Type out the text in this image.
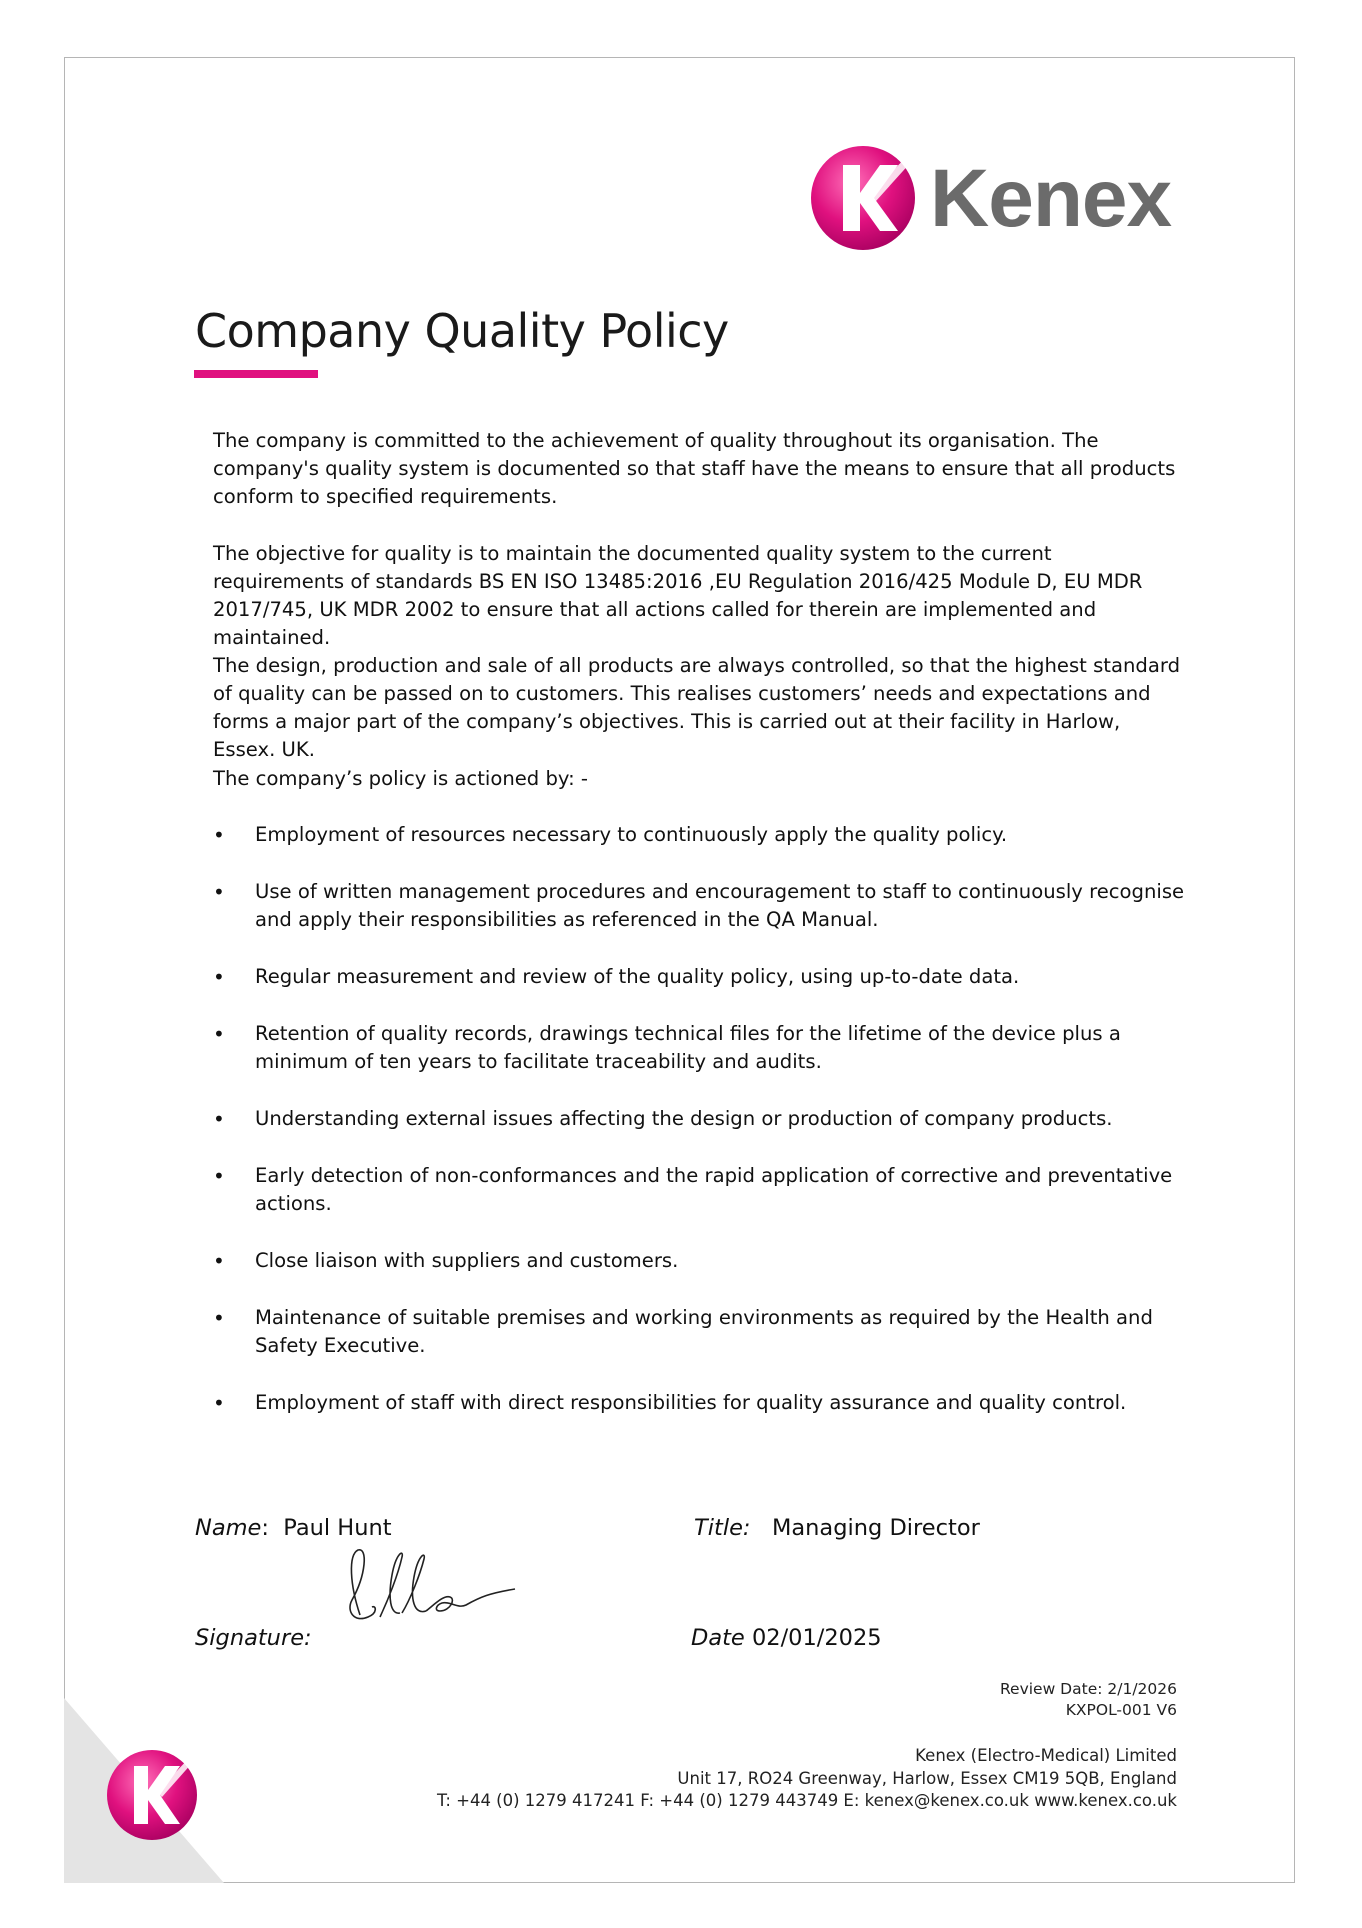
Kenex
Company Quality Policy

The company is committed to the achievement of quality throughout its organisation. The company's quality system is documented so that staff have the means to ensure that all products conform to specified requirements.

The objective for quality is to maintain the documented quality system to the current requirements of standards BS EN ISO 13485:2016 ,EU Regulation 2016/425 Module D, EU MDR 2017/745, UK MDR 2002 to ensure that all actions called for therein are implemented and maintained.

The design, production and sale of all products are always controlled, so that the highest standard of quality can be passed on to customers. This realises customers’ needs and expectations and forms a major part of the company’s objectives. This is carried out at their facility in Harlow, Essex. UK.

The company’s policy is actioned by: -

• Employment of resources necessary to continuously apply the quality policy.
• Use of written management procedures and encouragement to staff to continuously recognise and apply their responsibilities as referenced in the QA Manual.
• Regular measurement and review of the quality policy, using up-to-date data.
• Retention of quality records, drawings technical files for the lifetime of the device plus a minimum of ten years to facilitate traceability and audits.
• Understanding external issues affecting the design or production of company products.
• Early detection of non-conformances and the rapid application of corrective and preventative actions.
• Close liaison with suppliers and customers.
• Maintenance of suitable premises and working environments as required by the Health and Safety Executive.
• Employment of staff with direct responsibilities for quality assurance and quality control.
Name: Paul Hunt	Title: Managing Director
Signature:	Date 02/01/2025
Review Date: 2/1/2026
KXPOL-001 V6
Kenex (Electro-Medical) Limited
Unit 17, RO24 Greenway, Harlow, Essex CM19 5QB, England
T: +44 (0) 1279 417241 F: +44 (0) 1279 443749 E: kenex@kenex.co.uk www.kenex.co.uk
